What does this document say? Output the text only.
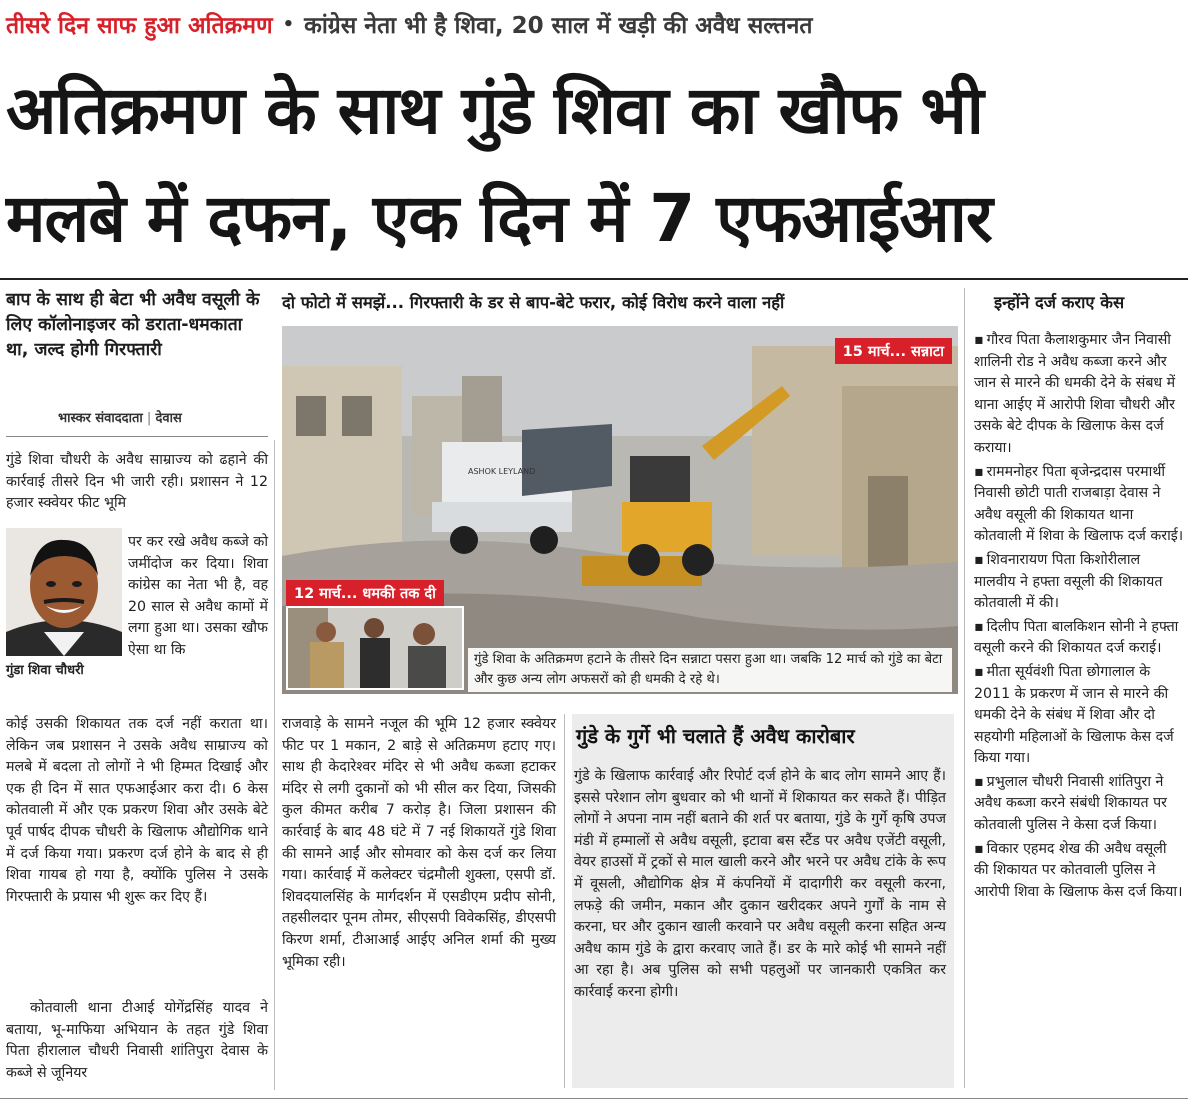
तीसरे दिन साफ हुआ अतिक्रमण • कांग्रेस नेता भी है शिवा, 20 साल में खड़ी की अवैध सल्तनत
अतिक्रमण के साथ गुंडे शिवा का खौफ भी
मलबे में दफन, एक दिन में 7 एफआईआर
बाप के साथ ही बेटा भी अवैध वसूली के लिए कॉलोनाइजर को डराता-धमकाता था, जल्द होगी गिरफ्तारी
भास्कर संवाददाता | देवास
गुंडे शिवा चौधरी के अवैध साम्राज्य को ढहाने की कार्रवाई तीसरे दिन भी जारी रही। प्रशासन ने 12 हजार स्क्वेयर फीट भूमि
गुंडा शिवा चौधरी
पर कर रखे अवैध कब्जे को जमींदोज कर दिया। शिवा कांग्रेस का नेता भी है, वह 20 साल से अवैध कामों में लगा हुआ था। उसका खौफ ऐसा था कि
कोई उसकी शिकायत तक दर्ज नहीं कराता था। लेकिन जब प्रशासन ने उसके अवैध साम्राज्य को मलबे में बदला तो लोगों ने भी हिम्मत दिखाई और एक ही दिन में सात एफआईआर करा दी। 6 केस कोतवाली में और एक प्रकरण शिवा और उसके बेटे पूर्व पार्षद दीपक चौधरी के खिलाफ औद्योगिक थाने में दर्ज किया गया। प्रकरण दर्ज होने के बाद से ही शिवा गायब हो गया है, क्योंकि पुलिस ने उसके गिरफ्तारी के प्रयास भी शुरू कर दिए हैं।
कोतवाली थाना टीआई योगेंद्रसिंह यादव ने बताया, भू-माफिया अभियान के तहत गुंडे शिवा पिता हीरालाल चौधरी निवासी शांतिपुरा देवास के कब्जे से जूनियर
दो फोटो में समझें... गिरफ्तारी के डर से बाप-बेटे फरार, कोई विरोध करने वाला नहीं
ASHOK LEYLAND
15 मार्च... सन्नाटा
12 मार्च... धमकी तक दी
गुंडे शिवा के अतिक्रमण हटाने के तीसरे दिन सन्नाटा पसरा हुआ था। जबकि 12 मार्च को गुंडे का बेटा और कुछ अन्य लोग अफसरों को ही धमकी दे रहे थे।
राजवाड़े के सामने नजूल की भूमि 12 हजार स्क्वेयर फीट पर 1 मकान, 2 बाड़े से अतिक्रमण हटाए गए। साथ ही केदारेश्वर मंदिर से भी अवैध कब्जा हटाकर मंदिर से लगी दुकानों को भी सील कर दिया, जिसकी कुल कीमत करीब 7 करोड़ है। जिला प्रशासन की कार्रवाई के बाद 48 घंटे में 7 नई शिकायतें गुंडे शिवा की सामने आईं और सोमवार को केस दर्ज कर लिया गया। कार्रवाई में कलेक्टर चंद्रमौली शुक्ला, एसपी डॉ. शिवदयालसिंह के मार्गदर्शन में एसडीएम प्रदीप सोनी, तहसीलदार पूनम तोमर, सीएसपी विवेकसिंह, डीएसपी किरण शर्मा, टीआआई आईए अनिल शर्मा की मुख्य भूमिका रही।
गुंडे के गुर्गे भी चलाते हैं अवैध कारोबार
गुंडे के खिलाफ कार्रवाई और रिपोर्ट दर्ज होने के बाद लोग सामने आए हैं। इससे परेशान लोग बुधवार को भी थानों में शिकायत कर सकते हैं। पीड़ित लोगों ने अपना नाम नहीं बताने की शर्त पर बताया, गुंडे के गुर्गे कृषि उपज मंडी में हम्मालों से अवैध वसूली, इटावा बस स्टैंड पर अवैध एजेंटी वसूली, वेयर हाउसों में ट्रकों से माल खाली करने और भरने पर अवैध टांके के रूप में वूसली, औद्योगिक क्षेत्र में कंपनियों में दादागीरी कर वसूली करना, लफड़े की जमीन, मकान और दुकान खरीदकर अपने गुर्गों के नाम से करना, घर और दुकान खाली करवाने पर अवैध वसूली करना सहित अन्य अवैध काम गुंडे के द्वारा करवाए जाते हैं। डर के मारे कोई भी सामने नहीं आ रहा है। अब पुलिस को सभी पहलुओं पर जानकारी एकत्रित कर कार्रवाई करना होगी।
इन्होंने दर्ज कराए केस
▪ गौरव पिता कैलाशकुमार जैन निवासी शालिनी रोड ने अवैध कब्जा करने और जान से मारने की धमकी देने के संबध में थाना आईए में आरोपी शिवा चौधरी और उसके बेटे दीपक के खिलाफ केस दर्ज कराया।
▪ राममनोहर पिता बृजेन्द्रदास परमार्थी निवासी छोटी पाती राजबाड़ा देवास ने अवैध वसूली की शिकायत थाना कोतवाली में शिवा के खिलाफ दर्ज कराई।
▪ शिवनारायण पिता किशोरीलाल मालवीय ने हफ्ता वसूली की शिकायत कोतवाली में की।
▪ दिलीप पिता बालकिशन सोनी ने हफ्ता वसूली करने की शिकायत दर्ज कराई।
▪ मीता सूर्यवंशी पिता छोगालाल के 2011 के प्रकरण में जान से मारने की धमकी देने के संबंध में शिवा और दो सहयोगी महिलाओं के खिलाफ केस दर्ज किया गया।
▪ प्रभुलाल चौधरी निवासी शांतिपुरा ने अवैध कब्जा करने संबंधी शिकायत पर कोतवाली पुलिस ने केसा दर्ज किया।
▪ विकार एहमद शेख की अवैध वसूली की शिकायत पर कोतवाली पुलिस ने आरोपी शिवा के खिलाफ केस दर्ज किया।
